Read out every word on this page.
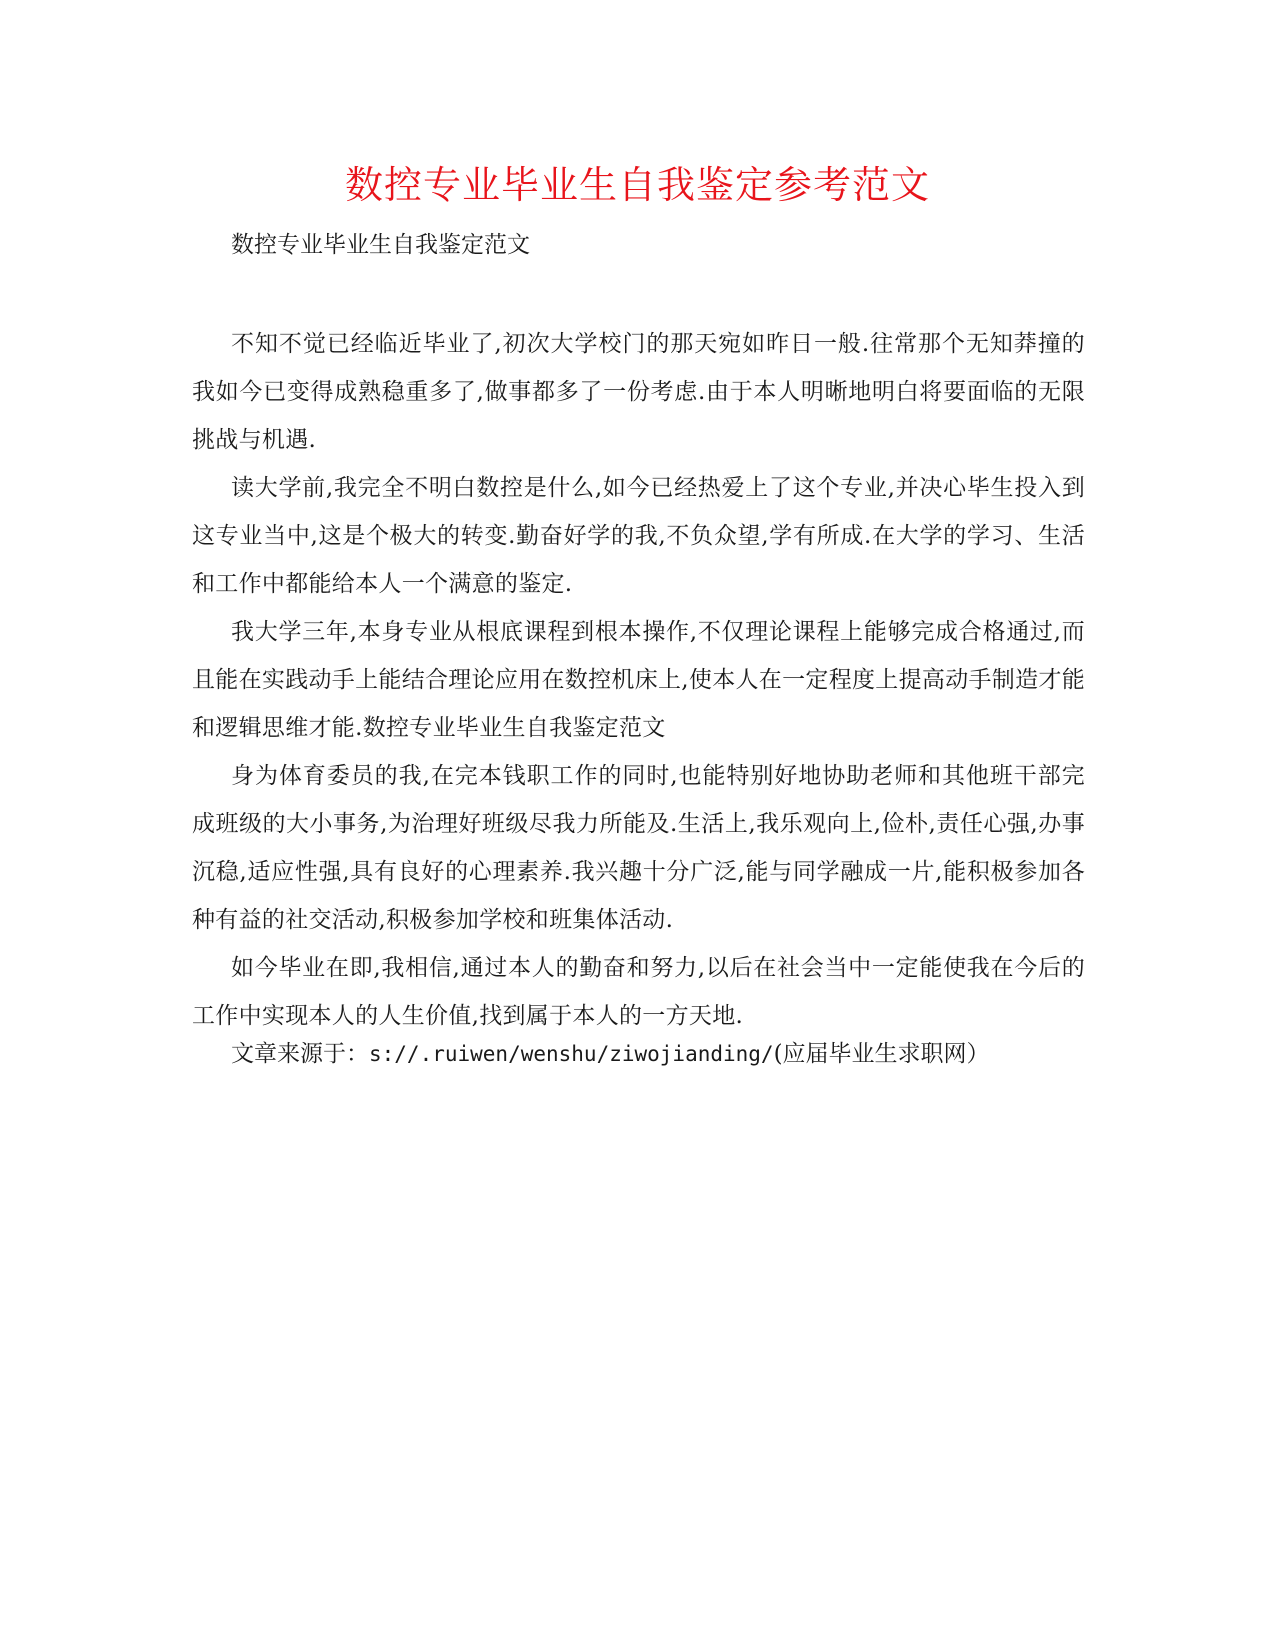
数控专业毕业生自我鉴定参考范文
数控专业毕业生自我鉴定范文

不知不觉已经临近毕业了,初次大学校门的那天宛如昨日一般.往常那个无知莽撞的我如今已变得成熟稳重多了,做事都多了一份考虑.由于本人明晰地明白将要面临的无限挑战与机遇.

读大学前,我完全不明白数控是什么,如今已经热爱上了这个专业,并决心毕生投入到这专业当中,这是个极大的转变.勤奋好学的我,不负众望,学有所成.在大学的学习、生活和工作中都能给本人一个满意的鉴定.

我大学三年,本身专业从根底课程到根本操作,不仅理论课程上能够完成合格通过,而且能在实践动手上能结合理论应用在数控机床上,使本人在一定程度上提高动手制造才能和逻辑思维才能.数控专业毕业生自我鉴定范文

身为体育委员的我,在完本钱职工作的同时,也能特别好地协助老师和其他班干部完成班级的大小事务,为治理好班级尽我力所能及.生活上,我乐观向上,俭朴,责任心强,办事沉稳,适应性强,具有良好的心理素养.我兴趣十分广泛,能与同学融成一片,能积极参加各种有益的社交活动,积极参加学校和班集体活动.

如今毕业在即,我相信,通过本人的勤奋和努力,以后在社会当中一定能使我在今后的工作中实现本人的人生价值,找到属于本人的一方天地.

文章来源于：s://.ruiwen/wenshu/ziwojianding/(应届毕业生求职网）
